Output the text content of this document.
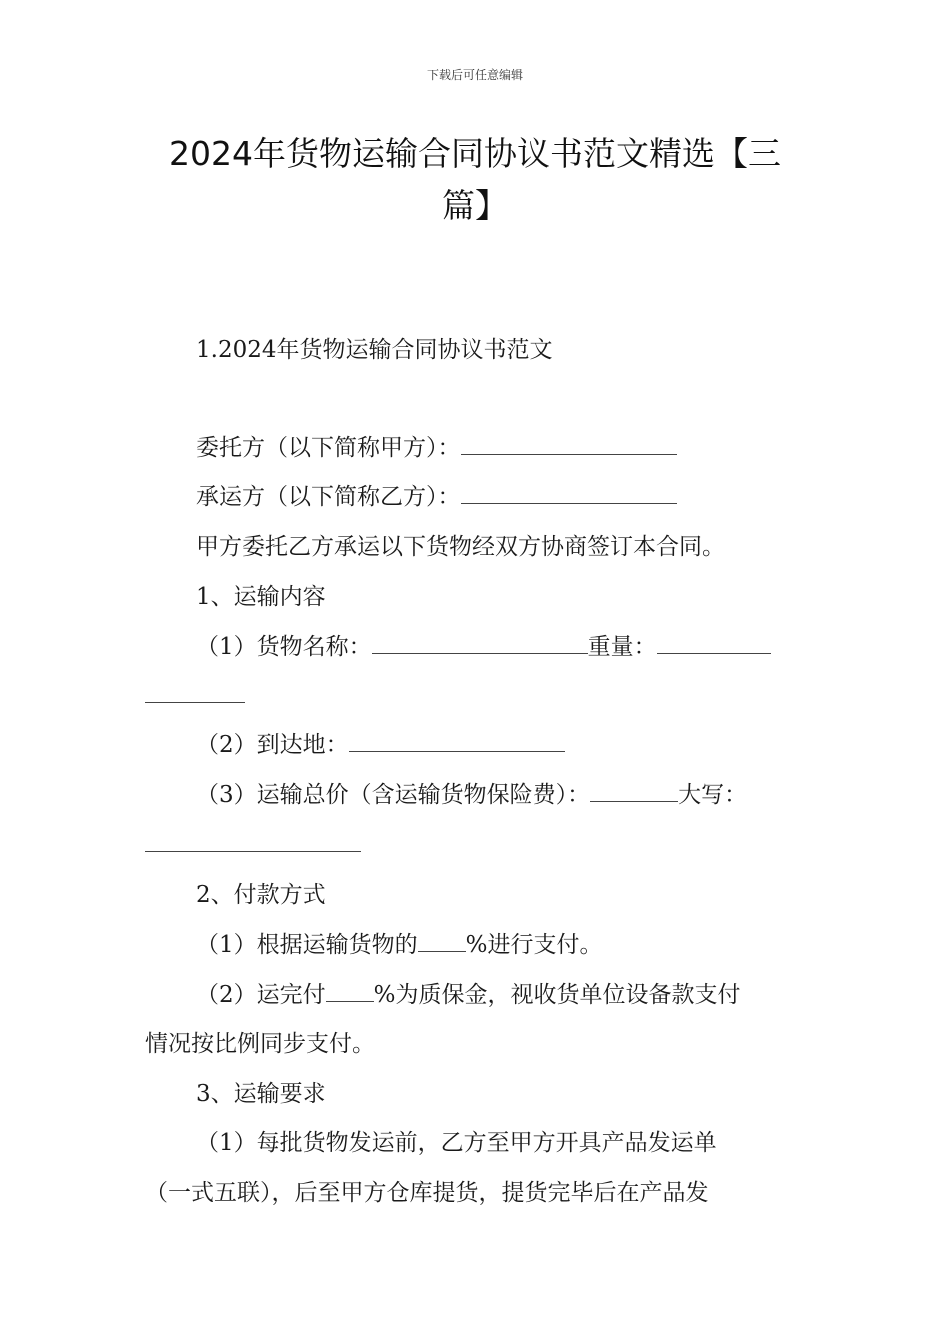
下载后可任意编辑
2024年货物运输合同协议书范文精选【三篇】
1.2024年货物运输合同协议书范文
委托方（以下简称甲方）：
承运方（以下简称乙方）：
甲方委托乙方承运以下货物经双方协商签订本合同。
1、运输内容
（1）货物名称：	重量：
（2）到达地：
（3）运输总价（含运输货物保险费）：	大写：
2、付款方式
（1）根据运输货物的 %进行支付。
（2）运完付 %为质保金，视收货单位设备款支付
情况按比例同步支付。
3、运输要求
（1）每批货物发运前，乙方至甲方开具产品发运单
（一式五联），后至甲方仓库提货，提货完毕后在产品发
